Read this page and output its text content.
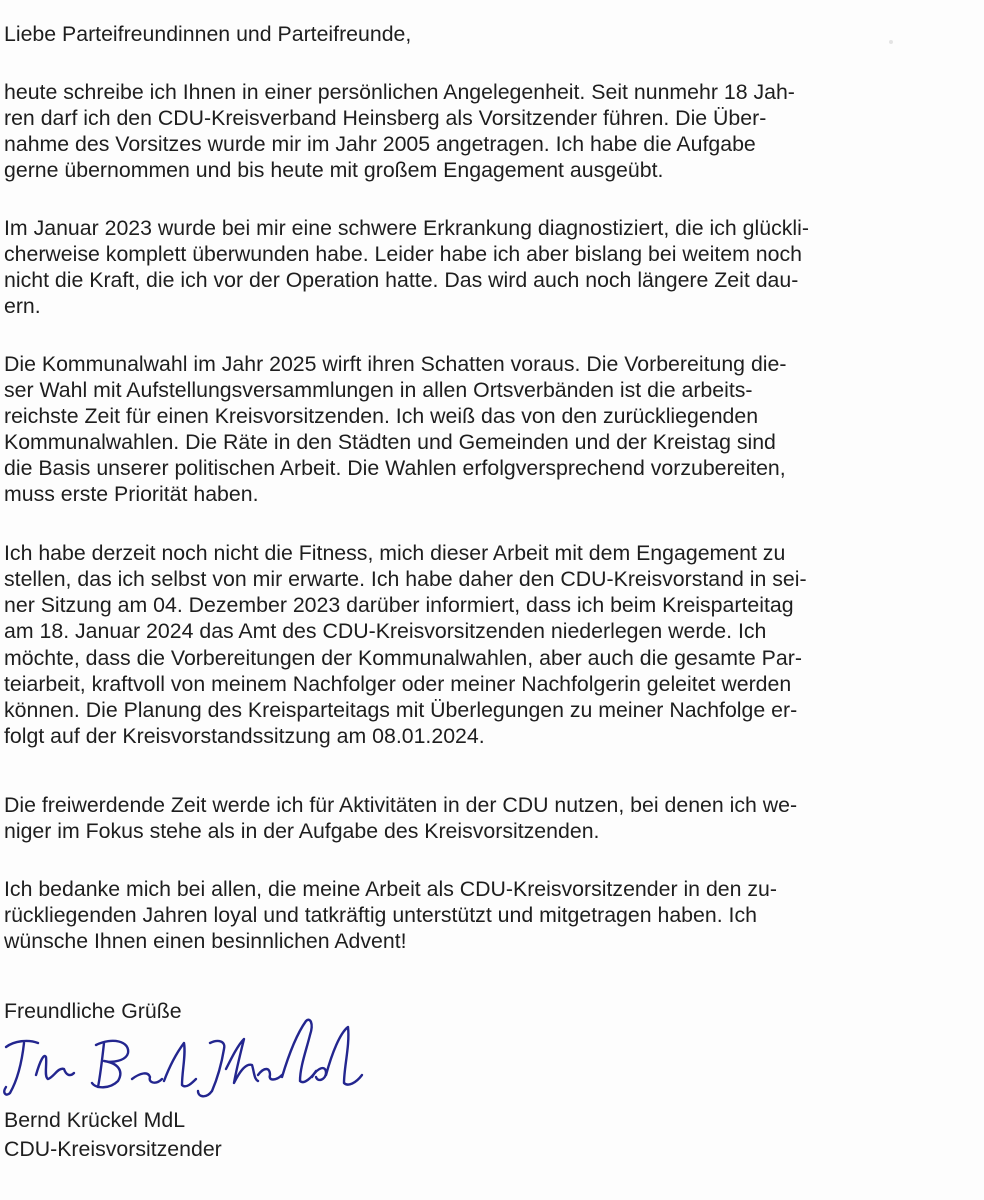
Liebe Parteifreundinnen und Parteifreunde,
heute schreibe ich Ihnen in einer persönlichen Angelegenheit. Seit nunmehr 18 Jah-
ren darf ich den CDU-Kreisverband Heinsberg als Vorsitzender führen. Die Über-
nahme des Vorsitzes wurde mir im Jahr 2005 angetragen. Ich habe die Aufgabe
gerne übernommen und bis heute mit großem Engagement ausgeübt.
Im Januar 2023 wurde bei mir eine schwere Erkrankung diagnostiziert, die ich glückli-
cherweise komplett überwunden habe. Leider habe ich aber bislang bei weitem noch
nicht die Kraft, die ich vor der Operation hatte. Das wird auch noch längere Zeit dau-
ern.
Die Kommunalwahl im Jahr 2025 wirft ihren Schatten voraus. Die Vorbereitung die-
ser Wahl mit Aufstellungsversammlungen in allen Ortsverbänden ist die arbeits-
reichste Zeit für einen Kreisvorsitzenden. Ich weiß das von den zurückliegenden
Kommunalwahlen. Die Räte in den Städten und Gemeinden und der Kreistag sind
die Basis unserer politischen Arbeit. Die Wahlen erfolgversprechend vorzubereiten,
muss erste Priorität haben.
Ich habe derzeit noch nicht die Fitness, mich dieser Arbeit mit dem Engagement zu
stellen, das ich selbst von mir erwarte. Ich habe daher den CDU-Kreisvorstand in sei-
ner Sitzung am 04. Dezember 2023 darüber informiert, dass ich beim Kreisparteitag
am 18. Januar 2024 das Amt des CDU-Kreisvorsitzenden niederlegen werde. Ich
möchte, dass die Vorbereitungen der Kommunalwahlen, aber auch die gesamte Par-
teiarbeit, kraftvoll von meinem Nachfolger oder meiner Nachfolgerin geleitet werden
können. Die Planung des Kreisparteitags mit Überlegungen zu meiner Nachfolge er-
folgt auf der Kreisvorstandssitzung am 08.01.2024.
Die freiwerdende Zeit werde ich für Aktivitäten in der CDU nutzen, bei denen ich we-
niger im Fokus stehe als in der Aufgabe des Kreisvorsitzenden.
Ich bedanke mich bei allen, die meine Arbeit als CDU-Kreisvorsitzender in den zu-
rückliegenden Jahren loyal und tatkräftig unterstützt und mitgetragen haben. Ich
wünsche Ihnen einen besinnlichen Advent!
Freundliche Grüße
Bernd Krückel MdL
CDU-Kreisvorsitzender
